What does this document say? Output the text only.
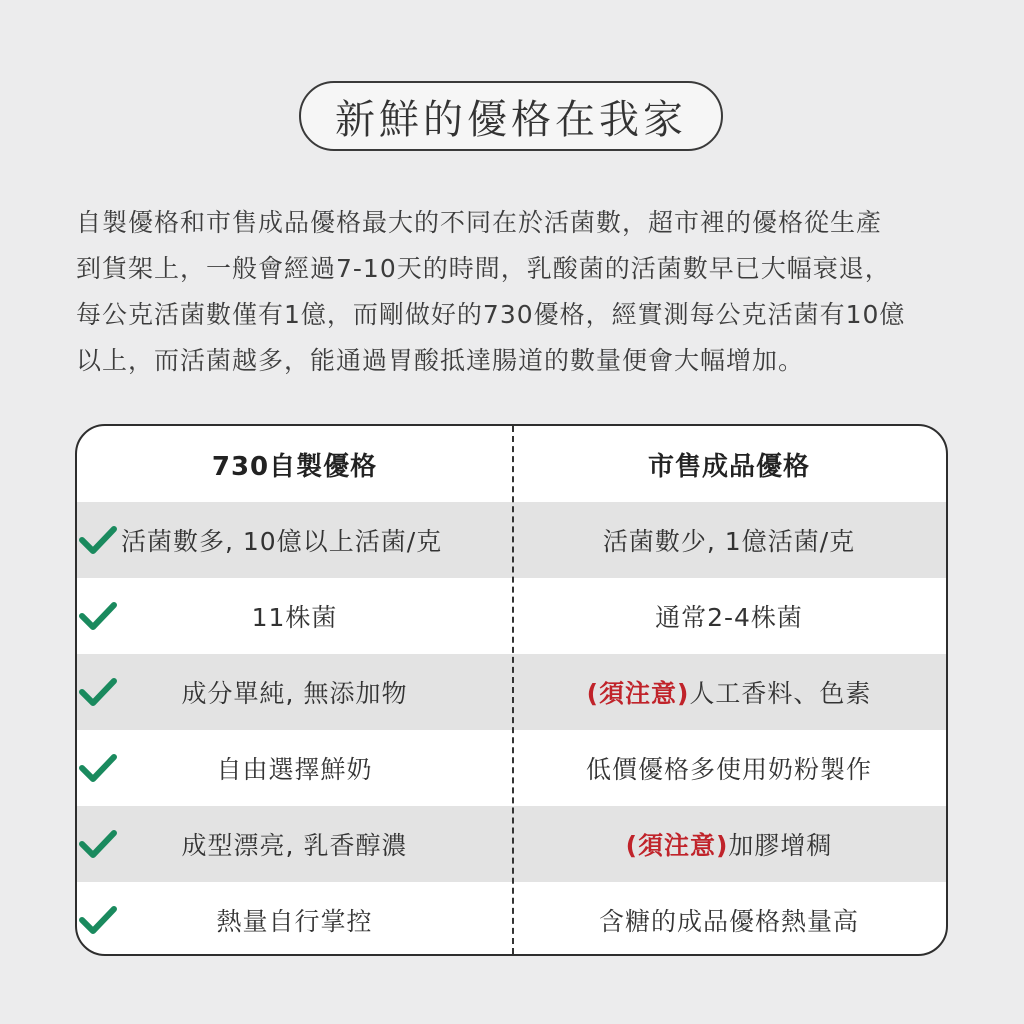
新鮮的優格在我家
自製優格和市售成品優格最大的不同在於活菌數，超市裡的優格從生產
到貨架上，一般會經過7-10天的時間，乳酸菌的活菌數早已大幅衰退，
每公克活菌數僅有1億，而剛做好的730優格，經實測每公克活菌有10億
以上，而活菌越多，能通過胃酸抵達腸道的數量便會大幅增加。
730自製優格	市售成品優格
活菌數多, 10億以上活菌/克	活菌數少, 1億活菌/克
11株菌	通常2-4株菌
成分單純, 無添加物	(須注意) 人工香料、色素
自由選擇鮮奶	低價優格多使用奶粉製作
成型漂亮, 乳香醇濃	(須注意) 加膠增稠
熱量自行掌控	含糖的成品優格熱量高
